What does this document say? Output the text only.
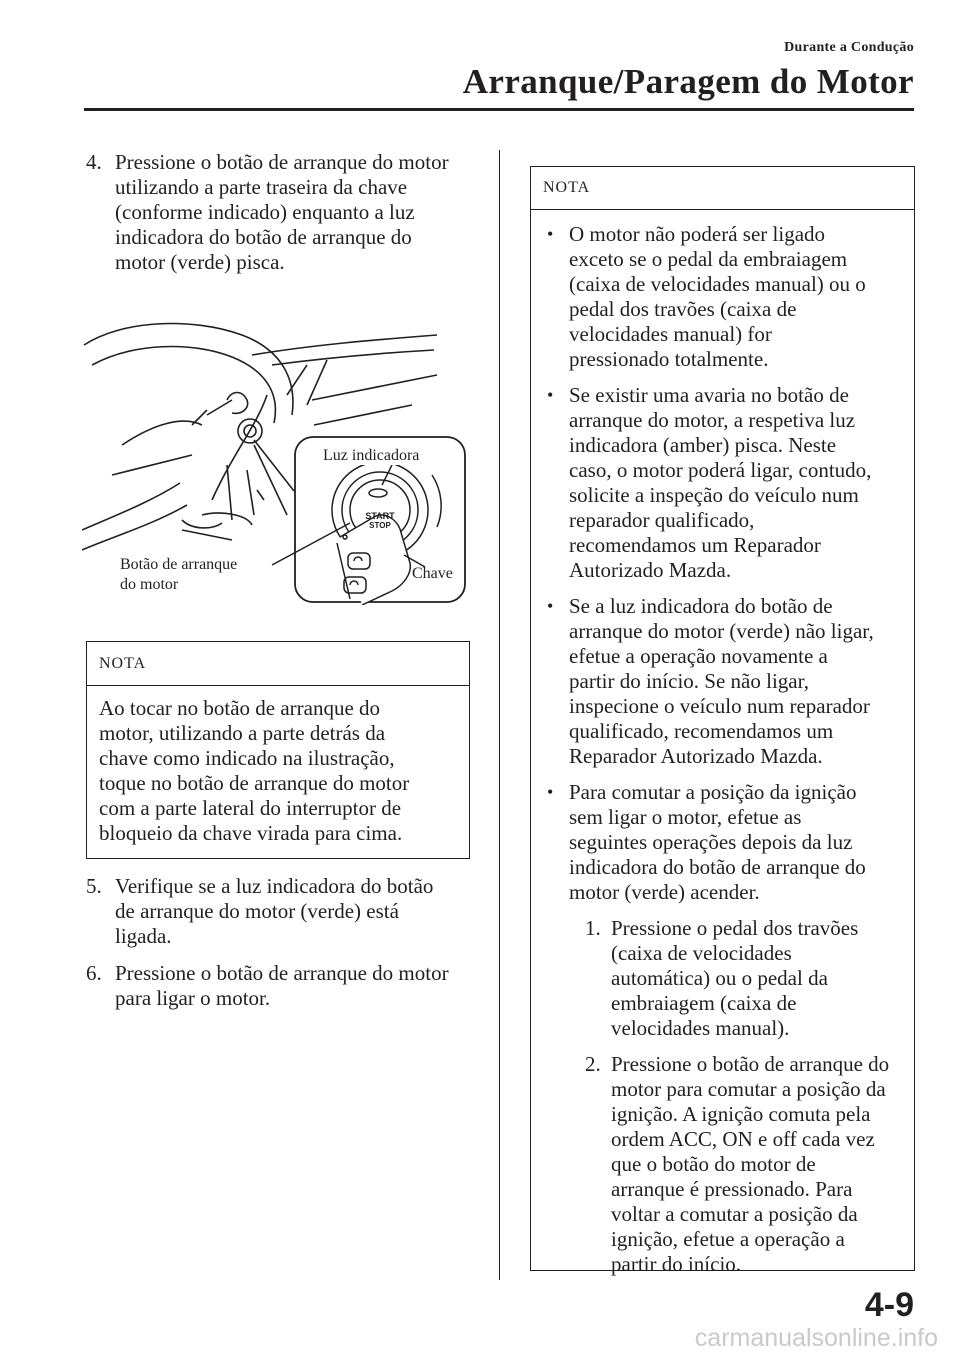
Durante a Condução
Arranque/Paragem do Motor
4. Pressione o botão de arranque do motor
utilizando a parte traseira da chave
(conforme indicado) enquanto a luz
indicadora do botão de arranque do
motor (verde) pisca.
START
STOP
Luz indicadora
Botão de arranque
do motor
Chave
NOTA
Ao tocar no botão de arranque do
motor, utilizando a parte detrás da
chave como indicado na ilustração,
toque no botão de arranque do motor
com a parte lateral do interruptor de
bloqueio da chave virada para cima.
5. Verifique se a luz indicadora do botão
de arranque do motor (verde) está
ligada.
6. Pressione o botão de arranque do motor
para ligar o motor.
NOTA
• O motor não poderá ser ligado
exceto se o pedal da embraiagem
(caixa de velocidades manual) ou o
pedal dos travões (caixa de
velocidades manual) for
pressionado totalmente.
• Se existir uma avaria no botão de
arranque do motor, a respetiva luz
indicadora (amber) pisca. Neste
caso, o motor poderá ligar, contudo,
solicite a inspeção do veículo num
reparador qualificado,
recomendamos um Reparador
Autorizado Mazda.
• Se a luz indicadora do botão de
arranque do motor (verde) não ligar,
efetue a operação novamente a
partir do início. Se não ligar,
inspecione o veículo num reparador
qualificado, recomendamos um
Reparador Autorizado Mazda.
• Para comutar a posição da ignição
sem ligar o motor, efetue as
seguintes operações depois da luz
indicadora do botão de arranque do
motor (verde) acender.
1. Pressione o pedal dos travões
(caixa de velocidades
automática) ou o pedal da
embraiagem (caixa de
velocidades manual).
2. Pressione o botão de arranque do
motor para comutar a posição da
ignição. A ignição comuta pela
ordem ACC, ON e off cada vez
que o botão do motor de
arranque é pressionado. Para
voltar a comutar a posição da
ignição, efetue a operação a
partir do início.
4-9
carmanualsonline.info
